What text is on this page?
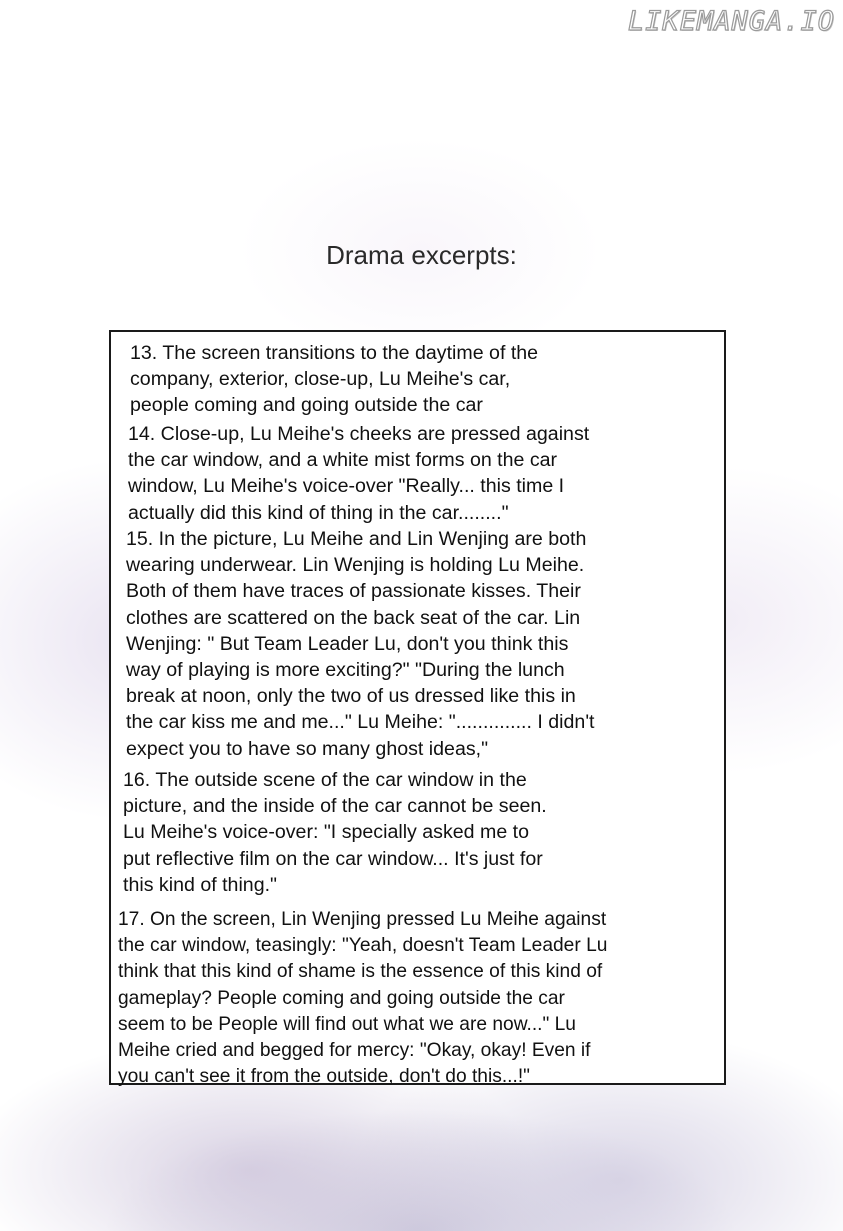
LIKEMANGA.IO
Drama excerpts:

13. The screen transitions to the daytime of the
company, exterior, close-up, Lu Meihe's car,
people coming and going outside the car

14. Close-up, Lu Meihe's cheeks are pressed against
the car window, and a white mist forms on the car
window, Lu Meihe's voice-over "Really... this time I
actually did this kind of thing in the car........"

15. In the picture, Lu Meihe and Lin Wenjing are both
wearing underwear. Lin Wenjing is holding Lu Meihe.
Both of them have traces of passionate kisses. Their
clothes are scattered on the back seat of the car. Lin
Wenjing: " But Team Leader Lu, don't you think this
way of playing is more exciting?" "During the lunch
break at noon, only the two of us dressed like this in
the car kiss me and me..." Lu Meihe: ".............. I didn't
expect you to have so many ghost ideas,"

16. The outside scene of the car window in the
picture, and the inside of the car cannot be seen.
Lu Meihe's voice-over: "I specially asked me to
put reflective film on the car window... It's just for
this kind of thing."

17. On the screen, Lin Wenjing pressed Lu Meihe against
the car window, teasingly: "Yeah, doesn't Team Leader Lu
think that this kind of shame is the essence of this kind of
gameplay? People coming and going outside the car
seem to be People will find out what we are now..." Lu
Meihe cried and begged for mercy: "Okay, okay! Even if
you can't see it from the outside, don't do this...!"
